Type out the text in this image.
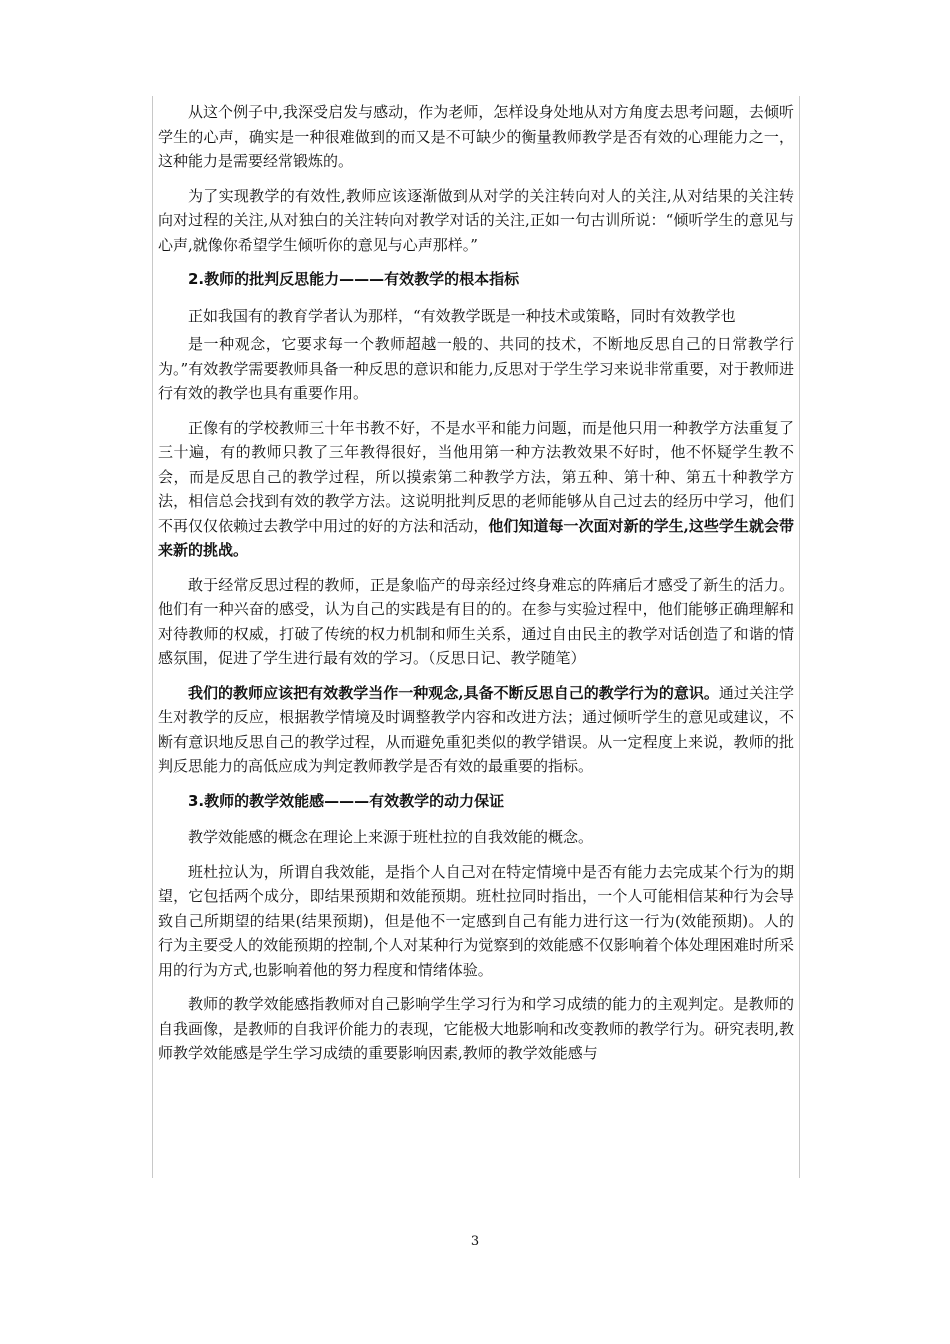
从这个例子中,我深受启发与感动，作为老师，怎样设身处地从对方角度去思考问题，去倾听学生的心声，确实是一种很难做到的而又是不可缺少的衡量教师教学是否有效的心理能力之一，这种能力是需要经常锻炼的。

为了实现教学的有效性,教师应该逐渐做到从对学的关注转向对人的关注,从对结果的关注转向对过程的关注,从对独白的关注转向对教学对话的关注,正如一句古训所说：“倾听学生的意见与心声,就像你希望学生倾听你的意见与心声那样。”

2.教师的批判反思能力———有效教学的根本指标

正如我国有的教育学者认为那样，“有效教学既是一种技术或策略，同时有效教学也

是一种观念，它要求每一个教师超越一般的、共同的技术，不断地反思自己的日常教学行为。”有效教学需要教师具备一种反思的意识和能力,反思对于学生学习来说非常重要，对于教师进行有效的教学也具有重要作用。

正像有的学校教师三十年书教不好，不是水平和能力问题，而是他只用一种教学方法重复了三十遍，有的教师只教了三年教得很好，当他用第一种方法教效果不好时，他不怀疑学生教不会，而是反思自己的教学过程，所以摸索第二种教学方法，第五种、第十种、第五十种教学方法，相信总会找到有效的教学方法。这说明批判反思的老师能够从自己过去的经历中学习，他们不再仅仅依赖过去教学中用过的好的方法和活动，他们知道每一次面对新的学生,这些学生就会带来新的挑战。

敢于经常反思过程的教师，正是象临产的母亲经过终身难忘的阵痛后才感受了新生的活力。他们有一种兴奋的感受，认为自己的实践是有目的的。在参与实验过程中，他们能够正确理解和对待教师的权威，打破了传统的权力机制和师生关系，通过自由民主的教学对话创造了和谐的情感氛围，促进了学生进行最有效的学习。（反思日记、教学随笔）

我们的教师应该把有效教学当作一种观念,具备不断反思自己的教学行为的意识。通过关注学生对教学的反应，根据教学情境及时调整教学内容和改进方法；通过倾听学生的意见或建议，不断有意识地反思自己的教学过程，从而避免重犯类似的教学错误。从一定程度上来说，教师的批判反思能力的高低应成为判定教师教学是否有效的最重要的指标。

3.教师的教学效能感———有效教学的动力保证

教学效能感的概念在理论上来源于班杜拉的自我效能的概念。

班杜拉认为，所谓自我效能，是指个人自己对在特定情境中是否有能力去完成某个行为的期望，它包括两个成分，即结果预期和效能预期。班杜拉同时指出，一个人可能相信某种行为会导致自己所期望的结果(结果预期)，但是他不一定感到自己有能力进行这一行为(效能预期)。人的行为主要受人的效能预期的控制,个人对某种行为觉察到的效能感不仅影响着个体处理困难时所采用的行为方式,也影响着他的努力程度和情绪体验。

教师的教学效能感指教师对自己影响学生学习行为和学习成绩的能力的主观判定。是教师的自我画像，是教师的自我评价能力的表现，它能极大地影响和改变教师的教学行为。研究表明,教师教学效能感是学生学习成绩的重要影响因素,教师的教学效能感与

3
